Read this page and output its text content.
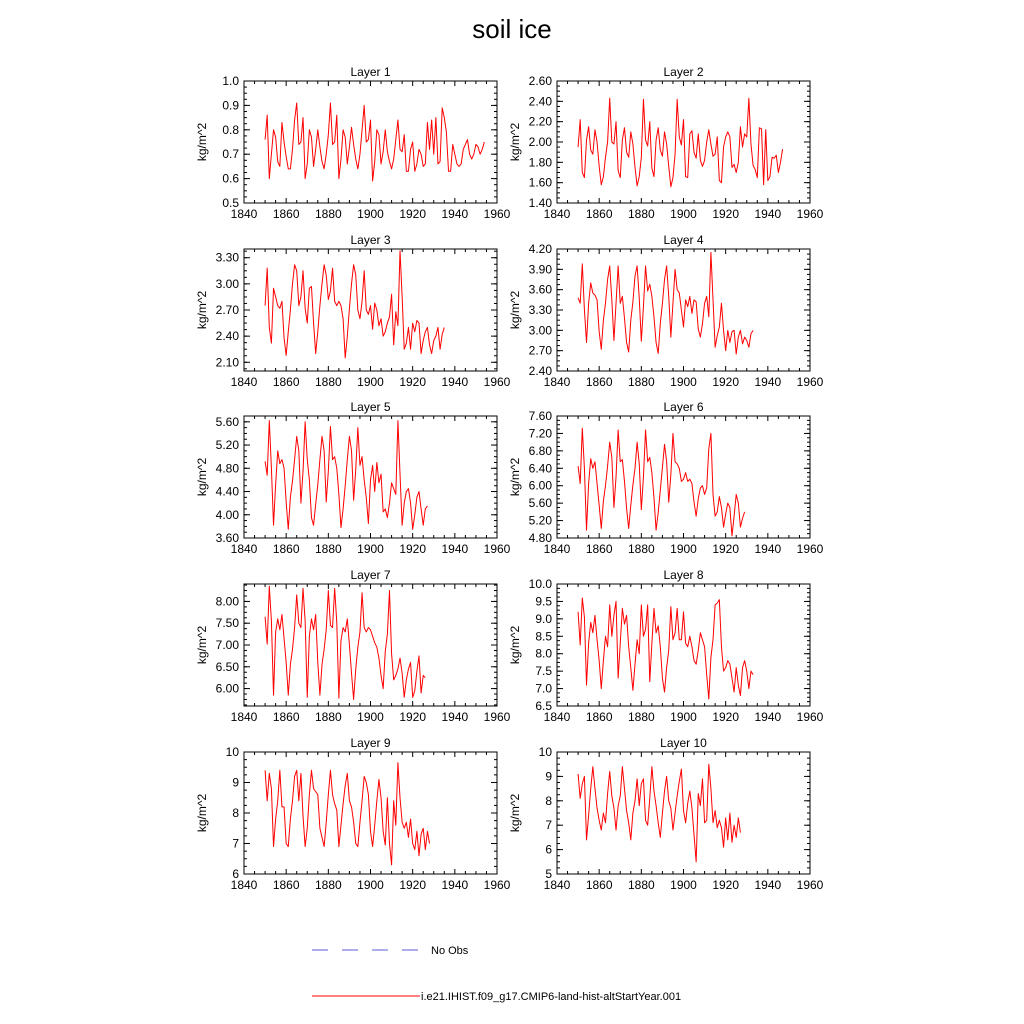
soil ice
Layer 1
1840 1860 1880 1900 1920 1940 1960
0.5
0.6
0.7
0.8
0.9
1.0
kg/m^2
Layer 2
1840 1860 1880 1900 1920 1940 1960
1.40
1.60
1.80
2.00
2.20
2.40
2.60
kg/m^2
Layer 3
1840 1860 1880 1900 1920 1940 1960
2.10
2.40
2.70
3.00
3.30
kg/m^2
Layer 4
1840 1860 1880 1900 1920 1940 1960
2.40
2.70
3.00
3.30
3.60
3.90
4.20
kg/m^2
Layer 5
1840 1860 1880 1900 1920 1940 1960
3.60
4.00
4.40
4.80
5.20
5.60
kg/m^2
Layer 6
1840 1860 1880 1900 1920 1940 1960
4.80
5.20
5.60
6.00
6.40
6.80
7.20
7.60
kg/m^2
Layer 7
1840 1860 1880 1900 1920 1940 1960
6.00
6.50
7.00
7.50
8.00
kg/m^2
Layer 8
1840 1860 1880 1900 1920 1940 1960
6.5
7.0
7.5
8.0
8.5
9.0
9.5
10.0
kg/m^2
Layer 9
1840 1860 1880 1900 1920 1940 1960
6
7
8
9
10
kg/m^2
Layer 10
1840 1860 1880 1900 1920 1940 1960
5
6
7
8
9
10
kg/m^2
No Obs
i.e21.IHIST.f09_g17.CMIP6-land-hist-altStartYear.001
